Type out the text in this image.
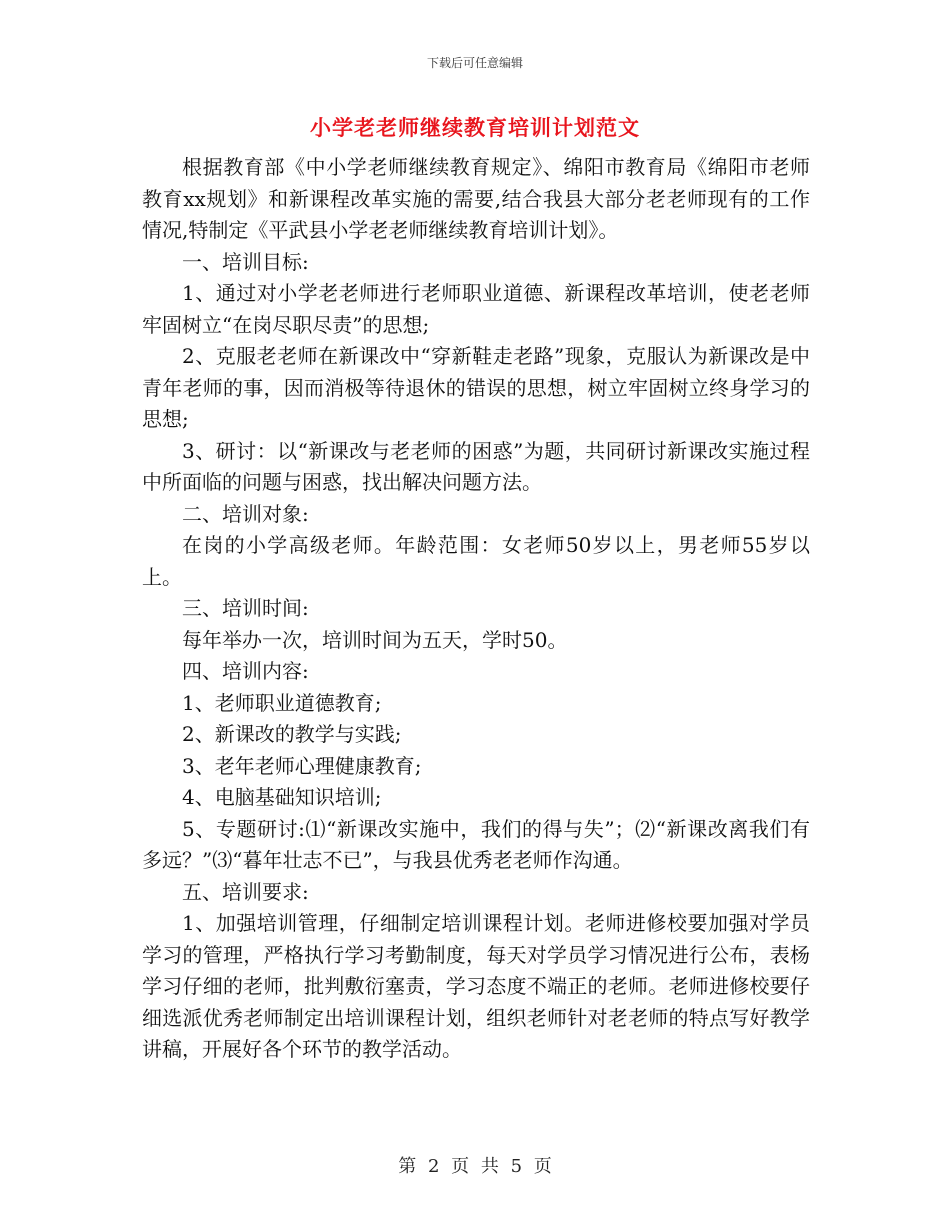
下载后可任意编辑
小学老老师继续教育培训计划范文

根据教育部《中小学老师继续教育规定》、绵阳市教育局《绵阳市老师教育xx规划》和新课程改革实施的需要,结合我县大部分老老师现有的工作情况,特制定《平武县小学老老师继续教育培训计划》。

一、培训目标:

1、通过对小学老老师进行老师职业道德、新课程改革培训，使老老师牢固树立“在岗尽职尽责”的思想;

2、克服老老师在新课改中“穿新鞋走老路”现象，克服认为新课改是中青年老师的事，因而消极等待退休的错误的思想，树立牢固树立终身学习的思想;

3、研讨：以“新课改与老老师的困惑”为题，共同研讨新课改实施过程中所面临的问题与困惑，找出解决问题方法。

二、培训对象:

在岗的小学高级老师。年龄范围：女老师50岁以上，男老师55岁以上。

三、培训时间:

每年举办一次，培训时间为五天，学时50。

四、培训内容:

1、老师职业道德教育;

2、新课改的教学与实践;

3、老年老师心理健康教育;

4、电脑基础知识培训;

5、专题研讨:⑴“新课改实施中，我们的得与失”；⑵“新课改离我们有多远？”⑶“暮年壮志不已”，与我县优秀老老师作沟通。

五、培训要求:

1、加强培训管理，仔细制定培训课程计划。老师进修校要加强对学员学习的管理，严格执行学习考勤制度，每天对学员学习情况进行公布，表杨学习仔细的老师，批判敷衍塞责，学习态度不端正的老师。老师进修校要仔细选派优秀老师制定出培训课程计划，组织老师针对老老师的特点写好教学讲稿，开展好各个环节的教学活动。

第 2 页 共 5 页
